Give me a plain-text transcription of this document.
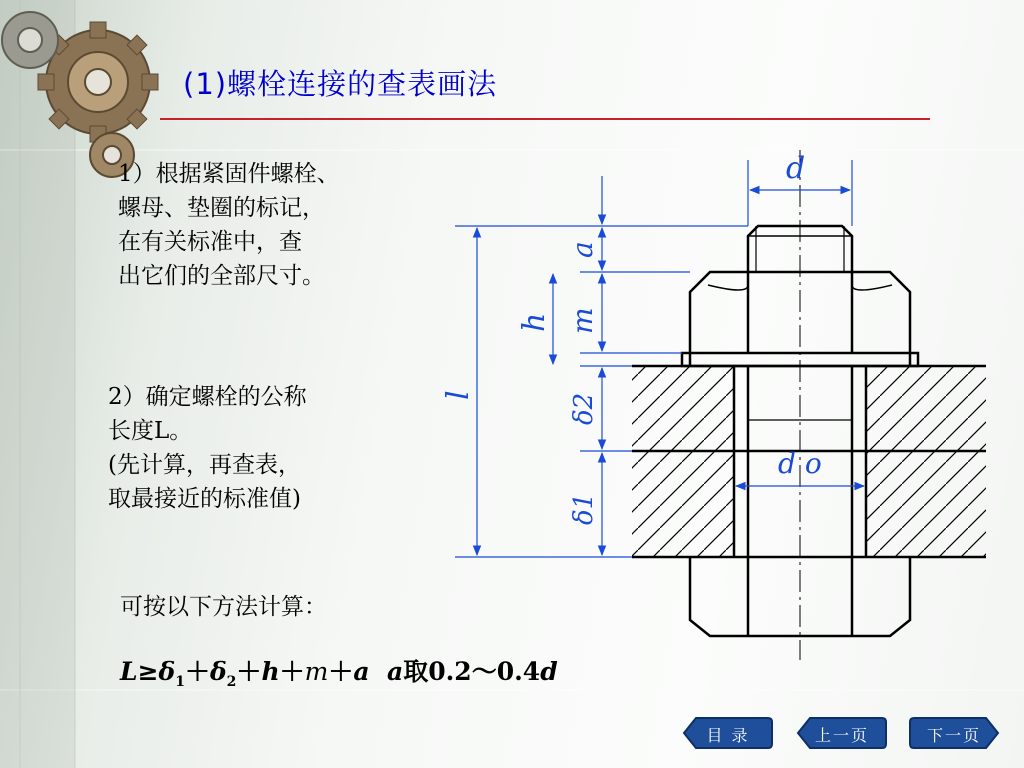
(1)螺栓连接的查表画法
1）根据紧固件螺栓、
螺母、垫圈的标记，
在有关标准中，查
出它们的全部尺寸。
2）确定螺栓的公称
长度L。
(先计算，再查表，
取最接近的标准值)
可按以下方法计算：
$L\ge\delta_1+\delta_2+h+m+a$ a取0.2～0.4d
d
a
m
h
l	δ2
δ1
d o
目 录	上一页	下一页
